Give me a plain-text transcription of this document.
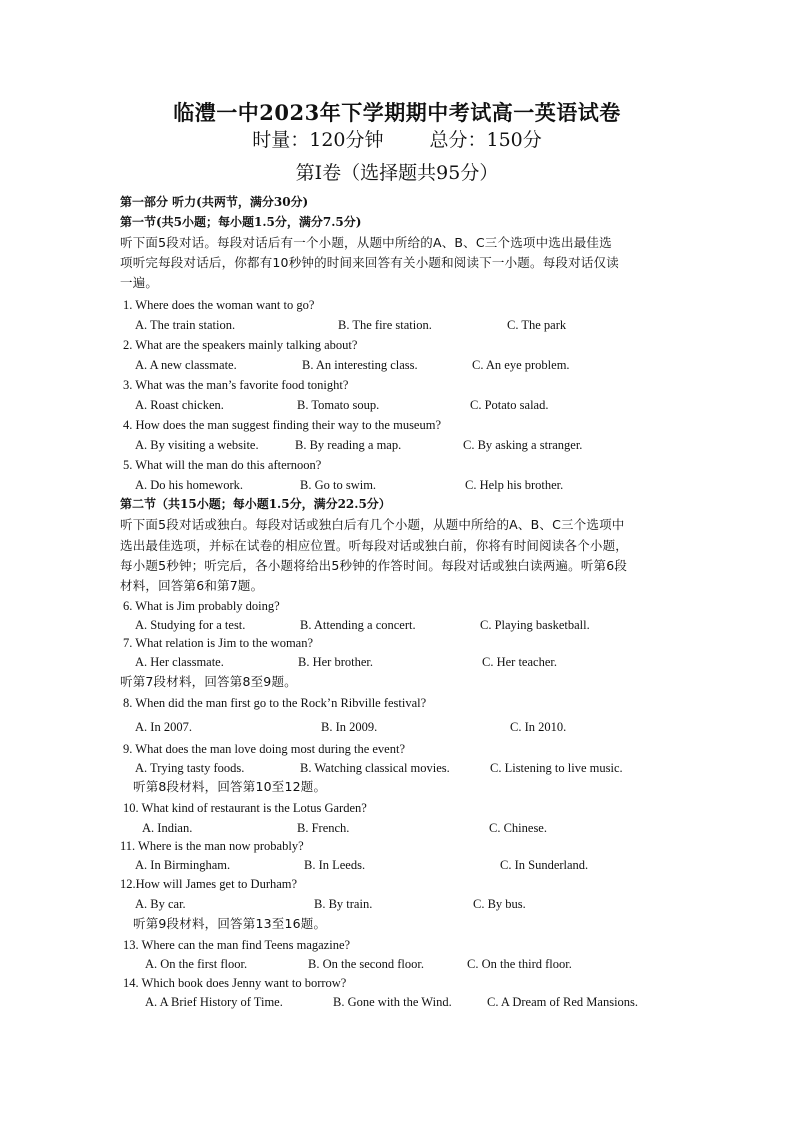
临澧一中2023年下学期期中考试高一英语试卷
时量：120分钟 总分：150分
第Ⅰ卷（选择题共95分）
第一部分 听力(共两节，满分30分)
第一节(共5小题；每小题1.5分，满分7.5分)
听下面5段对话。每段对话后有一个小题，从题中所给的A、B、C三个选项中选出最佳选
项听完每段对话后，你都有10秒钟的时间来回答有关小题和阅读下一小题。每段对话仅读
一遍。
1. Where does the woman want to go?
A. The train station.	B. The fire station.	C. The park
2. What are the speakers mainly talking about?
A. A new classmate.	B. An interesting class.	C. An eye problem.
3. What was the man’s favorite food tonight?
A. Roast chicken.	B. Tomato soup.	C. Potato salad.
4. How does the man suggest finding their way to the museum?
A. By visiting a website.	B. By reading a map.	C. By asking a stranger.
5. What will the man do this afternoon?
A. Do his homework.	B. Go to swim.	C. Help his brother.
第二节（共15小题；每小题1.5分，满分22.5分）
听下面5段对话或独白。每段对话或独白后有几个小题，从题中所给的A、B、C三个选项中
选出最佳选项，并标在试卷的相应位置。听每段对话或独白前，你将有时间阅读各个小题，
每小题5秒钟；听完后，各小题将给出5秒钟的作答时间。每段对话或独白读两遍。听第6段
材料，回答第6和第7题。
6. What is Jim probably doing?
A. Studying for a test.	B. Attending a concert.	C. Playing basketball.
7. What relation is Jim to the woman?
A. Her classmate.	B. Her brother.	C. Her teacher.
听第7段材料，回答第8至9题。
8. When did the man first go to the Rock’n Ribville festival?
A. In 2007.	B. In 2009.	C. In 2010.
9. What does the man love doing most during the event?
A. Trying tasty foods.	B. Watching classical movies.	C. Listening to live music.
听第8段材料，回答第10至12题。
10. What kind of restaurant is the Lotus Garden?
A. Indian.	B. French.	C. Chinese.
11. Where is the man now probably?
A. In Birmingham.	B. In Leeds.	C. In Sunderland.
12.How will James get to Durham?
A. By car.	B. By train.	C. By bus.
听第9段材料，回答第13至16题。
13. Where can the man find Teens magazine?
A. On the first floor.	B. On the second floor.	C. On the third floor.
14. Which book does Jenny want to borrow?
A. A Brief History of Time.	B. Gone with the Wind.	C. A Dream of Red Mansions.
